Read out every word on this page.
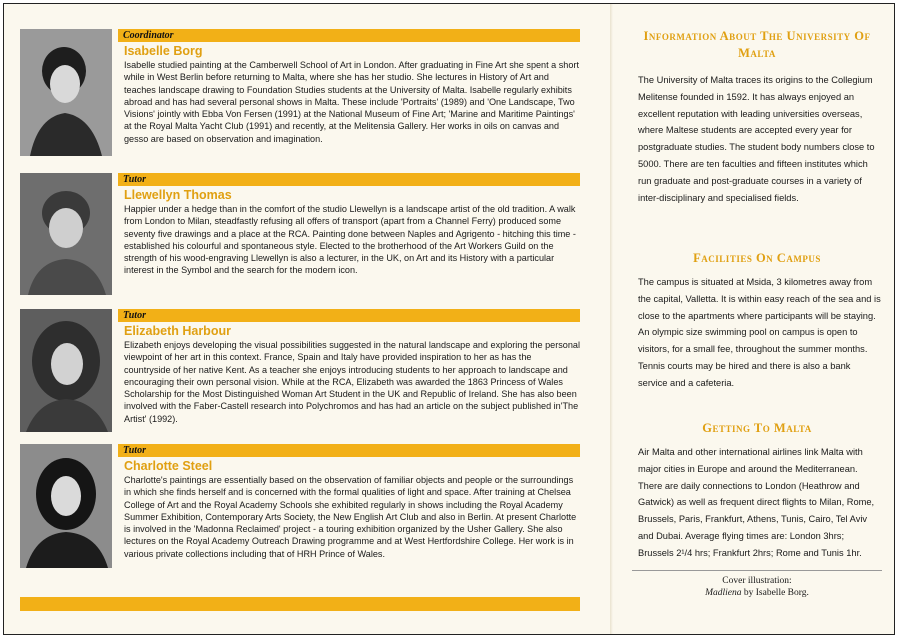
Coordinator
Isabelle Borg
Isabelle studied painting at the Camberwell School of Art in London. After graduating in Fine Art she spent a short while in West Berlin before returning to Malta, where she has her studio. She lectures in History of Art and teaches landscape drawing to Foundation Studies students at the University of Malta. Isabelle regularly exhibits abroad and has had several personal shows in Malta. These include 'Portraits' (1989) and 'One Landscape, Two Visions' jointly with Ebba Von Fersen (1991) at the National Museum of Fine Art; 'Marine and Maritime Paintings' at the Royal Malta Yacht Club (1991) and recently, at the Melitensia Gallery. Her works in oils on canvas and gesso are based on observation and imagination.
Tutor
Llewellyn Thomas
Happier under a hedge than in the comfort of the studio Llewellyn is a landscape artist of the old tradition. A walk from London to Milan, steadfastly refusing all offers of transport (apart from a Channel Ferry) produced some seventy five drawings and a place at the RCA. Painting done between Naples and Agrigento - hitching this time - established his colourful and spontaneous style. Elected to the brotherhood of the Art Workers Guild on the strength of his wood-engraving Llewellyn is also a lecturer, in the UK, on Art and its History with a particular interest in the Symbol and the search for the modern icon.
Tutor
Elizabeth Harbour
Elizabeth enjoys developing the visual possibilities suggested in the natural landscape and exploring the personal viewpoint of her art in this context. France, Spain and Italy have provided inspiration to her as has the countryside of her native Kent. As a teacher she enjoys introducing students to her approach to landscape and encouraging their own personal vision. While at the RCA, Elizabeth was awarded the 1863 Princess of Wales Scholarship for the Most Distinguished Woman Art Student in the UK and Republic of Ireland. She has also been involved with the Faber-Castell research into Polychromos and has had an article on the subject published in'The Artist' (1992).
Tutor
Charlotte Steel
Charlotte's paintings are essentially based on the observation of familiar objects and people or the surroundings in which she finds herself and is concerned with the formal qualities of light and space. After training at Chelsea College of Art and the Royal Academy Schools she exhibited regularly in shows including the Royal Academy Summer Exhibition, Contemporary Arts Society, the New English Art Club and also in Berlin. At present Charlotte is involved in the 'Madonna Reclaimed' project - a touring exhibition organized by the Usher Gallery. She also lectures on the Royal Academy Outreach Drawing programme and at West Hertfordshire College. Her work is in various private collections including that of HRH Prince of Wales.
Information About The University Of Malta
The University of Malta traces its origins to the Collegium Melitense founded in 1592. It has always enjoyed an excellent reputation with leading universities overseas, where Maltese students are accepted every year for postgraduate studies. The student body numbers close to 5000. There are ten faculties and fifteen institutes which run graduate and post-graduate courses in a variety of inter-disciplinary and specialised fields.
Facilities On Campus
The campus is situated at Msida, 3 kilometres away from the capital, Valletta. It is within easy reach of the sea and is close to the apartments where participants will be staying. An olympic size swimming pool on campus is open to visitors, for a small fee, throughout the summer months. Tennis courts may be hired and there is also a bank service and a cafeteria.
Getting To Malta
Air Malta and other international airlines link Malta with major cities in Europe and around the Mediterranean. There are daily connections to London (Heathrow and Gatwick) as well as frequent direct flights to Milan, Rome, Brussels, Paris, Frankfurt, Athens, Tunis, Cairo, Tel Aviv and Dubai. Average flying times are: London 3hrs; Brussels 2¹/4 hrs; Frankfurt 2hrs; Rome and Tunis 1hr.
Cover illustration:
Madliena by Isabelle Borg.
